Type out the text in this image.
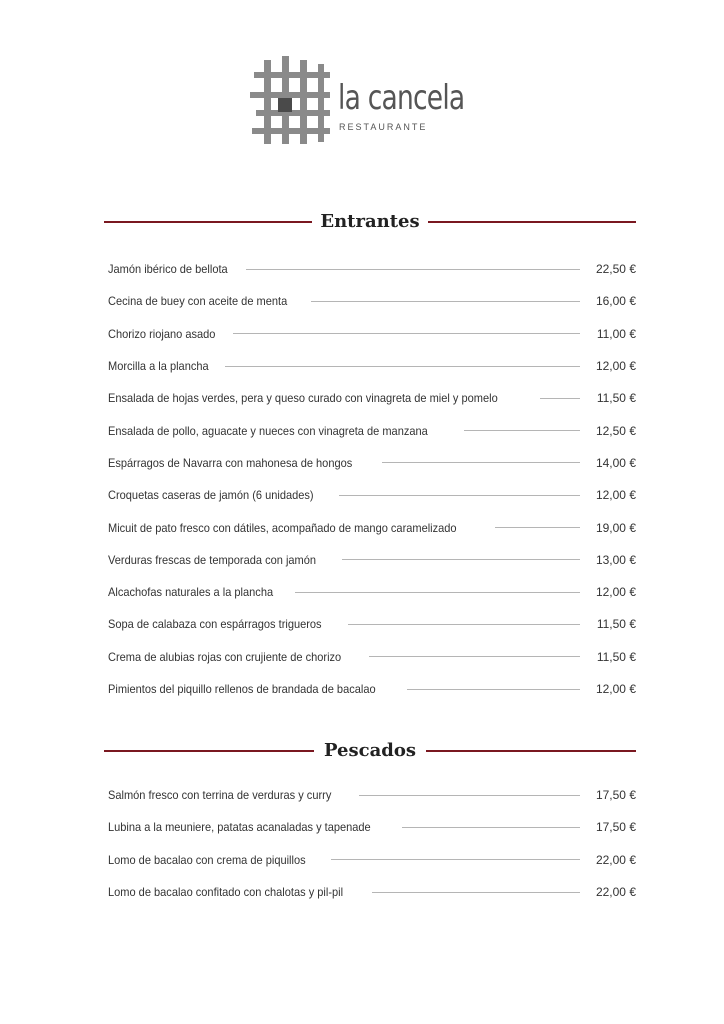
la cancela
RESTAURANTE
Entrantes
Jamón ibérico de bellota	22,50 €
Cecina de buey con aceite de menta	16,00 €
Chorizo riojano asado	11,00 €
Morcilla a la plancha	12,00 €
Ensalada de hojas verdes, pera y queso curado con vinagreta de miel y pomelo	11,50 €
Ensalada de pollo, aguacate y nueces con vinagreta de manzana	12,50 €
Espárragos de Navarra con mahonesa de hongos	14,00 €
Croquetas caseras de jamón (6 unidades)	12,00 €
Micuit de pato fresco con dátiles, acompañado de mango caramelizado	19,00 €
Verduras frescas de temporada con jamón	13,00 €
Alcachofas naturales a la plancha	12,00 €
Sopa de calabaza con espárragos trigueros	11,50 €
Crema de alubias rojas con crujiente de chorizo	11,50 €
Pimientos del piquillo rellenos de brandada de bacalao	12,00 €
Pescados
Salmón fresco con terrina de verduras y curry	17,50 €
Lubina a la meuniere, patatas acanaladas y tapenade	17,50 €
Lomo de bacalao con crema de piquillos	22,00 €
Lomo de bacalao confitado con chalotas y pil-pil	22,00 €
